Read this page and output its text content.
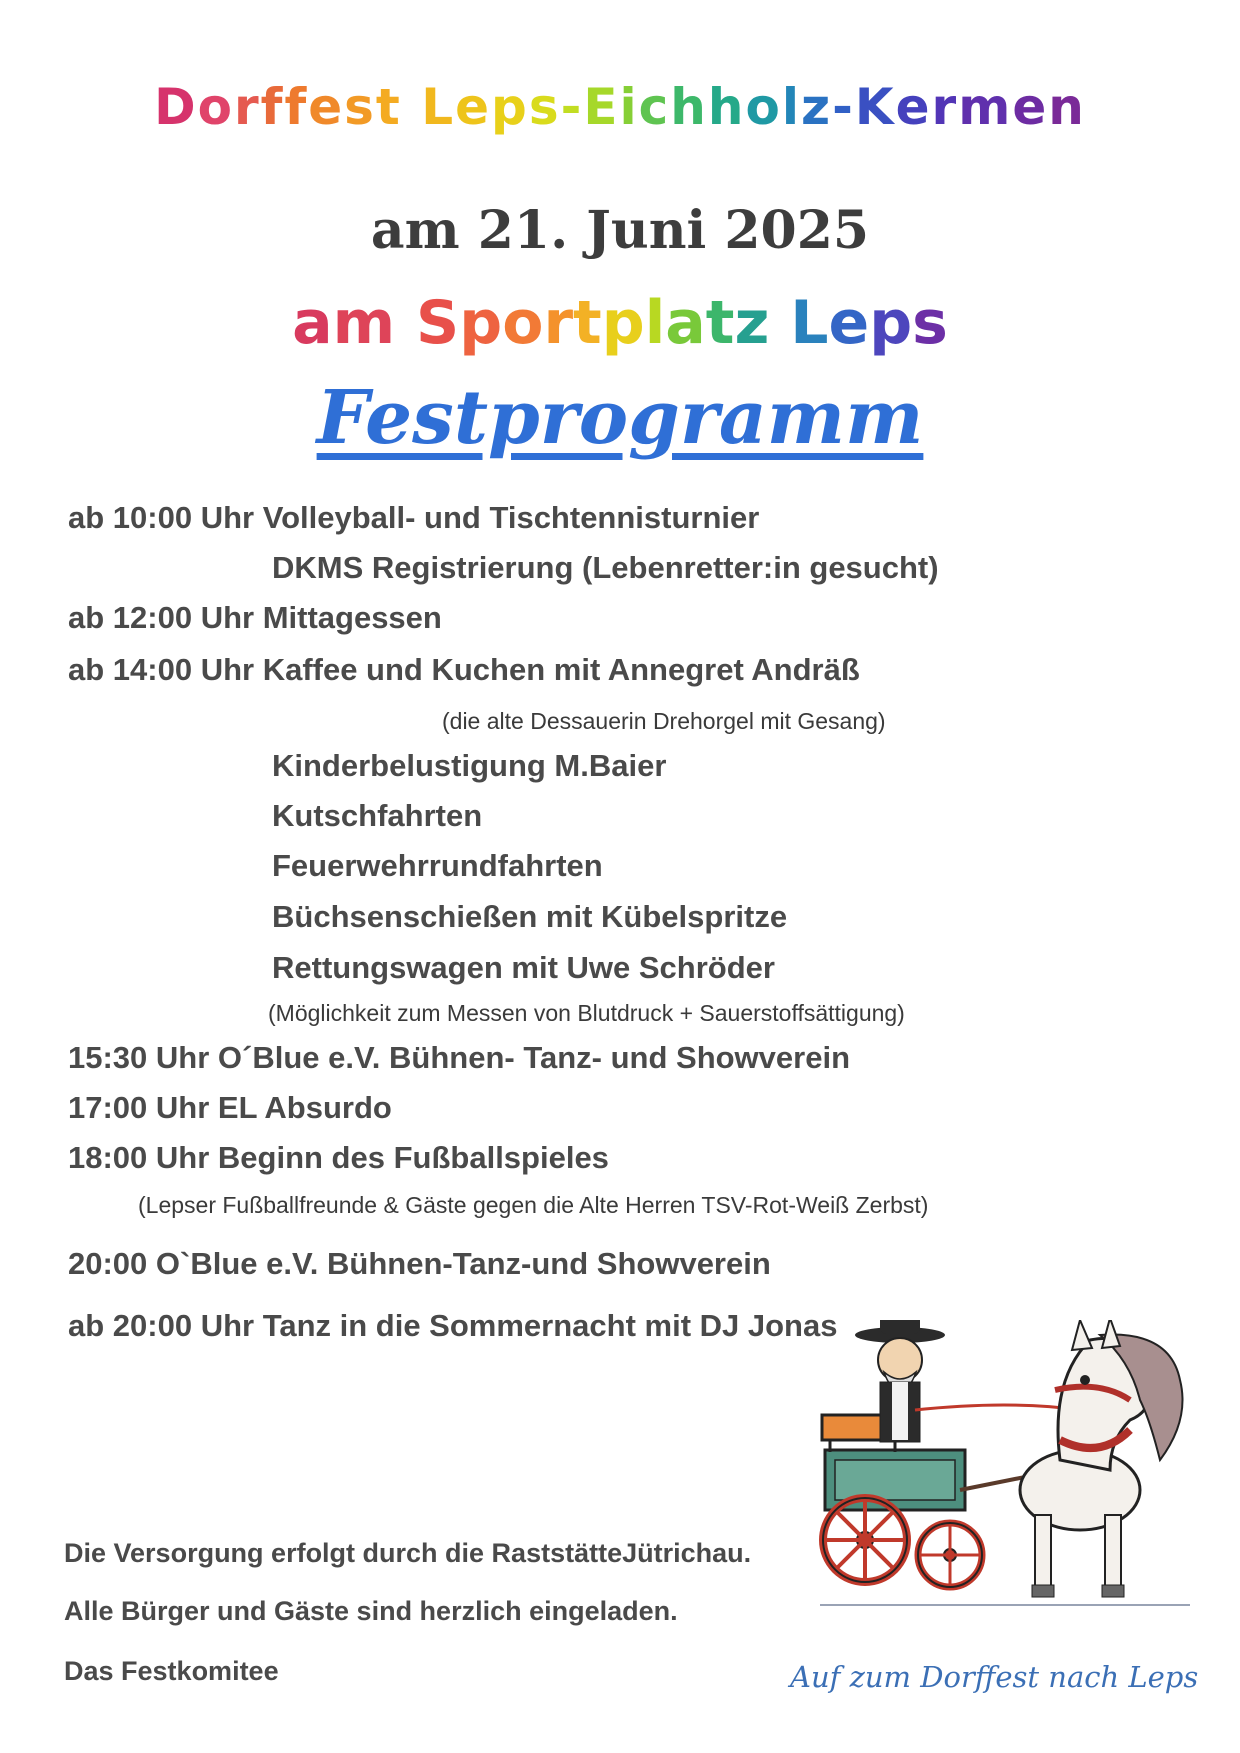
Dorffest Leps-Eichholz-Kermen
am 21. Juni 2025
am Sportplatz Leps
Festprogramm
ab 10:00 Uhr Volleyball- und Tischtennisturnier
DKMS Registrierung (Lebenretter:in gesucht)
ab 12:00 Uhr Mittagessen
ab 14:00 Uhr Kaffee und Kuchen mit Annegret Andräß
(die alte Dessauerin Drehorgel mit Gesang)
Kinderbelustigung M.Baier
Kutschfahrten
Feuerwehrrundfahrten
Büchsenschießen mit Kübelspritze
Rettungswagen mit Uwe Schröder
(Möglichkeit zum Messen von Blutdruck + Sauerstoffsättigung)
15:30 Uhr O´Blue e.V. Bühnen- Tanz- und Showverein
17:00 Uhr EL Absurdo
18:00 Uhr Beginn des Fußballspieles
(Lepser Fußballfreunde & Gäste gegen die Alte Herren TSV-Rot-Weiß Zerbst)
20:00 O`Blue e.V. Bühnen-Tanz-und Showverein
ab 20:00 Uhr Tanz in die Sommernacht mit DJ Jonas
Die Versorgung erfolgt durch die RaststätteJütrichau.
Alle Bürger und Gäste sind herzlich eingeladen.
Das Festkomitee	Auf zum Dorffest nach Leps
